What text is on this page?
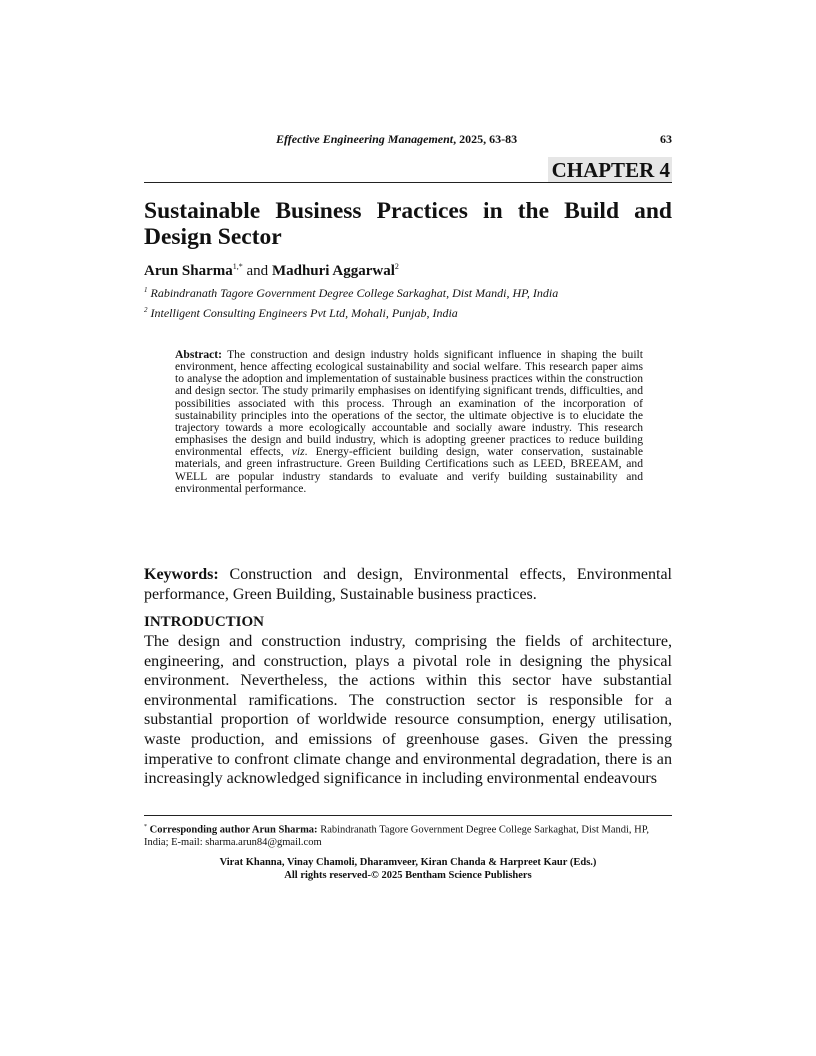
Effective Engineering Management, 2025, 63-83	63
CHAPTER 4
Sustainable Business Practices in the Build and Design Sector
Arun Sharma$^{1,*}$ and Madhuri Aggarwal$^2$
$^1$ Rabindranath Tagore Government Degree College Sarkaghat, Dist Mandi, HP, India
$^2$ Intelligent Consulting Engineers Pvt Ltd, Mohali, Punjab, India
Abstract: The construction and design industry holds significant influence in shaping the built environment, hence affecting ecological sustainability and social welfare. This research paper aims to analyse the adoption and implementation of sustainable business practices within the construction and design sector. The study primarily emphasises on identifying significant trends, difficulties, and possibilities associated with this process. Through an examination of the incorporation of sustainability principles into the operations of the sector, the ultimate objective is to elucidate the trajectory towards a more ecologically accountable and socially aware industry. This research emphasises the design and build industry, which is adopting greener practices to reduce building environmental effects, viz. Energy-efficient building design, water conservation, sustainable materials, and green infrastructure. Green Building Certifications such as LEED, BREEAM, and WELL are popular industry standards to evaluate and verify building sustainability and environmental performance.
Keywords: Construction and design, Environmental effects, Environmental performance, Green Building, Sustainable business practices.
INTRODUCTION
The design and construction industry, comprising the fields of architecture, engineering, and construction, plays a pivotal role in designing the physical environment. Nevertheless, the actions within this sector have substantial environmental ramifications. The construction sector is responsible for a substantial proportion of worldwide resource consumption, energy utilisation, waste production, and emissions of greenhouse gases. Given the pressing imperative to confront climate change and environmental degradation, there is an increasingly acknowledged significance in including environmental endeavours
* Corresponding author Arun Sharma: Rabindranath Tagore Government Degree College Sarkaghat, Dist Mandi, HP, India; E-mail: sharma.arun84@gmail.com
Virat Khanna, Vinay Chamoli, Dharamveer, Kiran Chanda & Harpreet Kaur (Eds.)
All rights reserved-© 2025 Bentham Science Publishers
